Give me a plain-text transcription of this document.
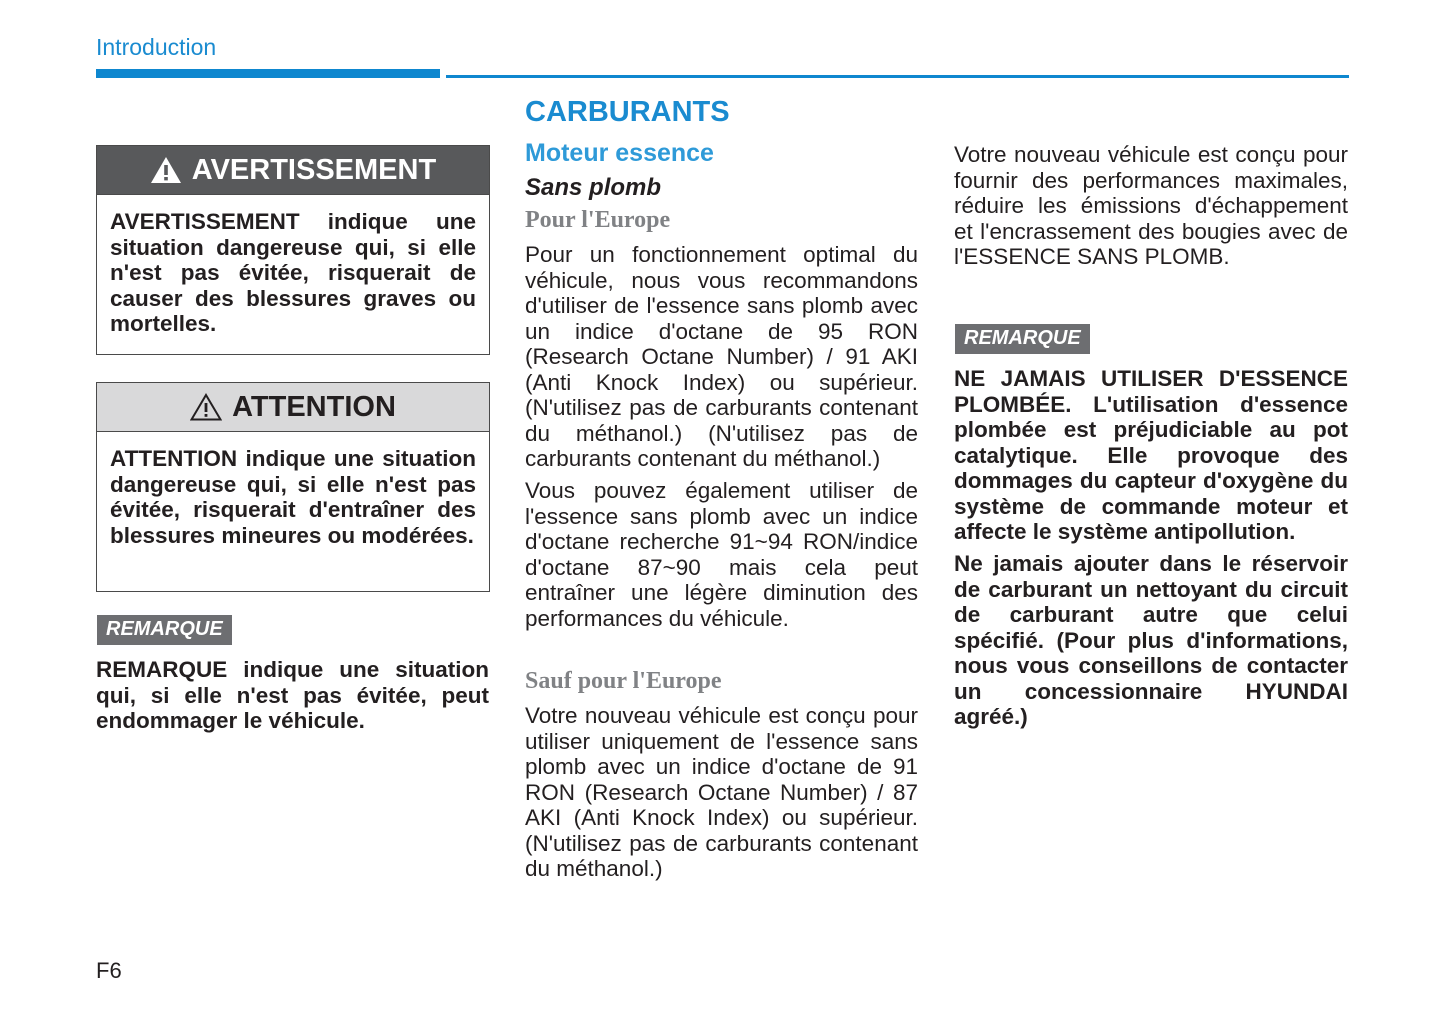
Introduction
AVERTISSEMENT
AVERTISSEMENT indique une situation dangereuse qui, si elle n'est pas évitée, risquerait de causer des blessures graves ou mortelles.
ATTENTION
ATTENTION indique une situation dangereuse qui, si elle n'est pas évitée, risquerait d'entraîner des blessures mineures ou modérées.
REMARQUE

REMARQUE indique une situation qui, si elle n'est pas évitée, peut endommager le véhicule.

CARBURANTS
Moteur essence
Sans plomb
Pour l'Europe

Pour un fonctionnement optimal du véhicule, nous vous recommandons d'utiliser de l'essence sans plomb avec un indice d'octane de 95 RON (Research Octane Number) / 91 AKI (Anti Knock Index) ou supérieur. (N'utilisez pas de carburants contenant du méthanol.) (N'utilisez pas de carburants contenant du méthanol.)

Vous pouvez également utiliser de l'essence sans plomb avec un indice d'octane recherche 91~94 RON/indice d'octane 87~90 mais cela peut entraîner une légère diminution des performances du véhicule.

Sauf pour l'Europe

Votre nouveau véhicule est conçu pour utiliser uniquement de l'essence sans plomb avec un indice d'octane de 91 RON (Research Octane Number) / 87 AKI (Anti Knock Index) ou supérieur. (N'utilisez pas de carburants contenant du méthanol.)

Votre nouveau véhicule est conçu pour fournir des performances maximales, réduire les émissions d'échappement et l'encrassement des bougies avec de l'ESSENCE SANS PLOMB.

REMARQUE

NE JAMAIS UTILISER D'ESSENCE PLOMBÉE. L'utilisation d'essence plombée est préjudiciable au pot catalytique. Elle provoque des dommages du capteur d'oxygène du système de commande moteur et affecte le système antipollution.

Ne jamais ajouter dans le réservoir de carburant un nettoyant du circuit de carburant autre que celui spécifié. (Pour plus d'informations, nous vous conseillons de contacter un concessionnaire HYUNDAI agréé.)

F6
